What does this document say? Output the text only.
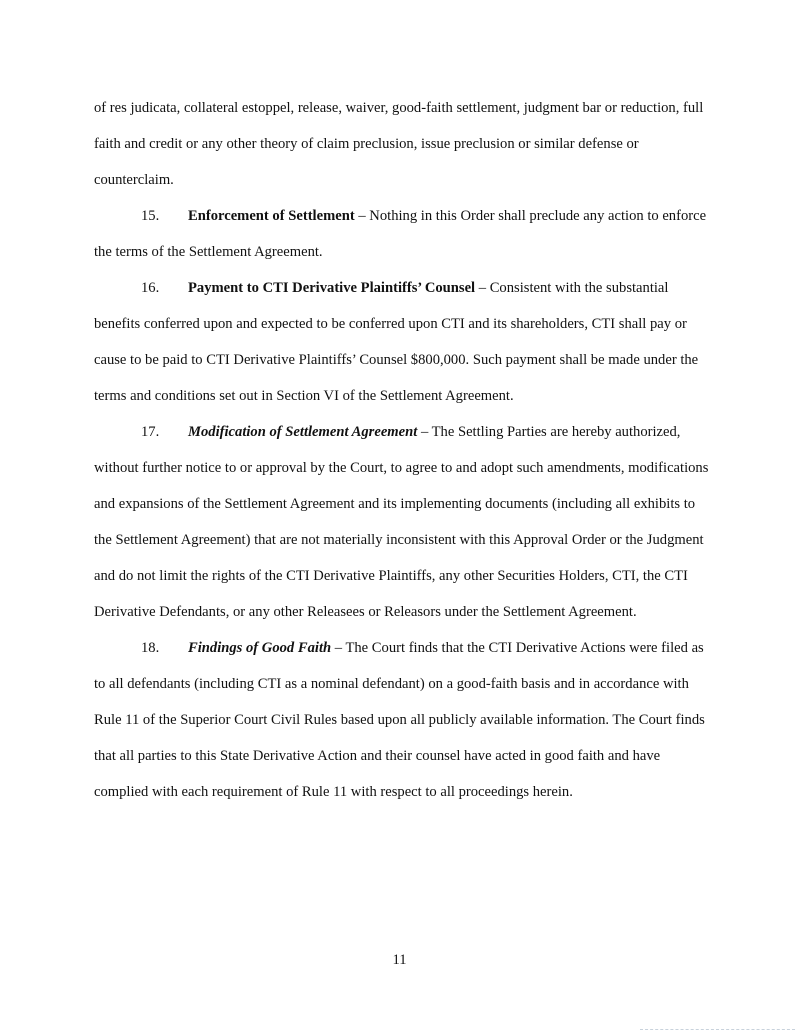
of res judicata, collateral estoppel, release, waiver, good-faith settlement, judgment bar or reduction, full faith and credit or any other theory of claim preclusion, issue preclusion or similar defense or counterclaim.

15. Enforcement of Settlement – Nothing in this Order shall preclude any action to enforce the terms of the Settlement Agreement.

16. Payment to CTI Derivative Plaintiffs’ Counsel – Consistent with the substantial benefits conferred upon and expected to be conferred upon CTI and its shareholders, CTI shall pay or cause to be paid to CTI Derivative Plaintiffs’ Counsel $800,000. Such payment shall be made under the terms and conditions set out in Section VI of the Settlement Agreement.

17. Modification of Settlement Agreement – The Settling Parties are hereby authorized, without further notice to or approval by the Court, to agree to and adopt such amendments, modifications and expansions of the Settlement Agreement and its implementing documents (including all exhibits to the Settlement Agreement) that are not materially inconsistent with this Approval Order or the Judgment and do not limit the rights of the CTI Derivative Plaintiffs, any other Securities Holders, CTI, the CTI Derivative Defendants, or any other Releasees or Releasors under the Settlement Agreement.

18. Findings of Good Faith – The Court finds that the CTI Derivative Actions were filed as to all defendants (including CTI as a nominal defendant) on a good-faith basis and in accordance with Rule 11 of the Superior Court Civil Rules based upon all publicly available information. The Court finds that all parties to this State Derivative Action and their counsel have acted in good faith and have complied with each requirement of Rule 11 with respect to all proceedings herein.

11
